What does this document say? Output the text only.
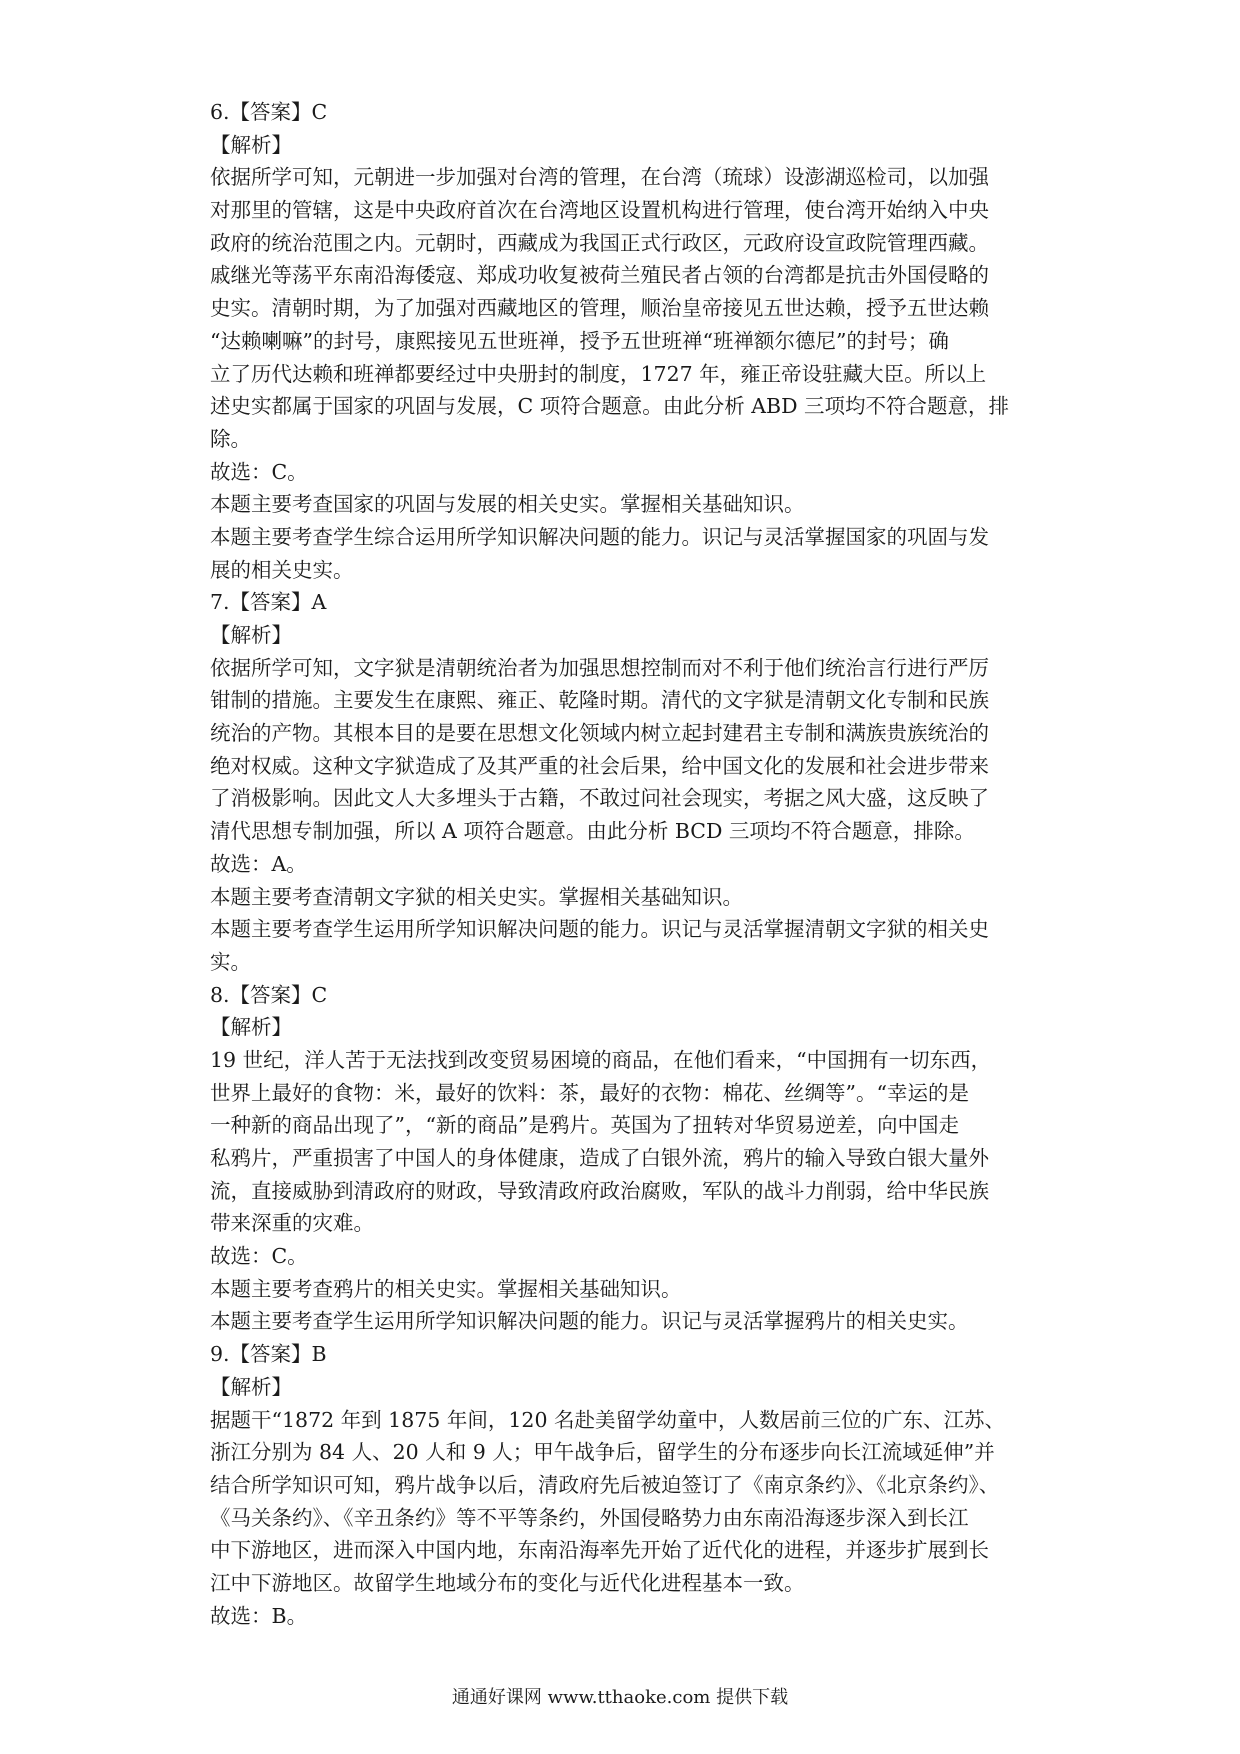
6.【答案】C
【解析】
依据所学可知，元朝进一步加强对台湾的管理，在台湾（琉球）设澎湖巡检司，以加强
对那里的管辖，这是中央政府首次在台湾地区设置机构进行管理，使台湾开始纳入中央
政府的统治范围之内。元朝时，西藏成为我国正式行政区，元政府设宣政院管理西藏。
戚继光等荡平东南沿海倭寇、郑成功收复被荷兰殖民者占领的台湾都是抗击外国侵略的
史实。清朝时期，为了加强对西藏地区的管理，顺治皇帝接见五世达赖，授予五世达赖
“达赖喇嘛”的封号，康熙接见五世班禅，授予五世班禅“班禅额尔德尼”的封号；确
立了历代达赖和班禅都要经过中央册封的制度，1727 年，雍正帝设驻藏大臣。所以上
述史实都属于国家的巩固与发展，C 项符合题意。由此分析 ABD 三项均不符合题意，排
除。
故选：C。
本题主要考查国家的巩固与发展的相关史实。掌握相关基础知识。
本题主要考查学生综合运用所学知识解决问题的能力。识记与灵活掌握国家的巩固与发
展的相关史实。
7.【答案】A
【解析】
依据所学可知，文字狱是清朝统治者为加强思想控制而对不利于他们统治言行进行严厉
钳制的措施。主要发生在康熙、雍正、乾隆时期。清代的文字狱是清朝文化专制和民族
统治的产物。其根本目的是要在思想文化领域内树立起封建君主专制和满族贵族统治的
绝对权威。这种文字狱造成了及其严重的社会后果，给中国文化的发展和社会进步带来
了消极影响。因此文人大多埋头于古籍，不敢过问社会现实，考据之风大盛，这反映了
清代思想专制加强，所以 A 项符合题意。由此分析 BCD 三项均不符合题意，排除。
故选：A。
本题主要考查清朝文字狱的相关史实。掌握相关基础知识。
本题主要考查学生运用所学知识解决问题的能力。识记与灵活掌握清朝文字狱的相关史
实。
8.【答案】C
【解析】
19 世纪，洋人苦于无法找到改变贸易困境的商品，在他们看来，“中国拥有一切东西，
世界上最好的食物：米，最好的饮料：茶，最好的衣物：棉花、丝绸等”。“幸运的是
一种新的商品出现了”，“新的商品”是鸦片。英国为了扭转对华贸易逆差，向中国走
私鸦片，严重损害了中国人的身体健康，造成了白银外流，鸦片的输入导致白银大量外
流，直接威胁到清政府的财政，导致清政府政治腐败，军队的战斗力削弱，给中华民族
带来深重的灾难。
故选：C。
本题主要考查鸦片的相关史实。掌握相关基础知识。
本题主要考查学生运用所学知识解决问题的能力。识记与灵活掌握鸦片的相关史实。
9.【答案】B
【解析】
据题干“1872 年到 1875 年间，120 名赴美留学幼童中，人数居前三位的广东、江苏、
浙江分别为 84 人、20 人和 9 人；甲午战争后，留学生的分布逐步向长江流域延伸”并
结合所学知识可知，鸦片战争以后，清政府先后被迫签订了《南京条约》、《北京条约》、
《马关条约》、《辛丑条约》等不平等条约，外国侵略势力由东南沿海逐步深入到长江
中下游地区，进而深入中国内地，东南沿海率先开始了近代化的进程，并逐步扩展到长
江中下游地区。故留学生地域分布的变化与近代化进程基本一致。
故选：B。
通通好课网 www.tthaoke.com 提供下载
